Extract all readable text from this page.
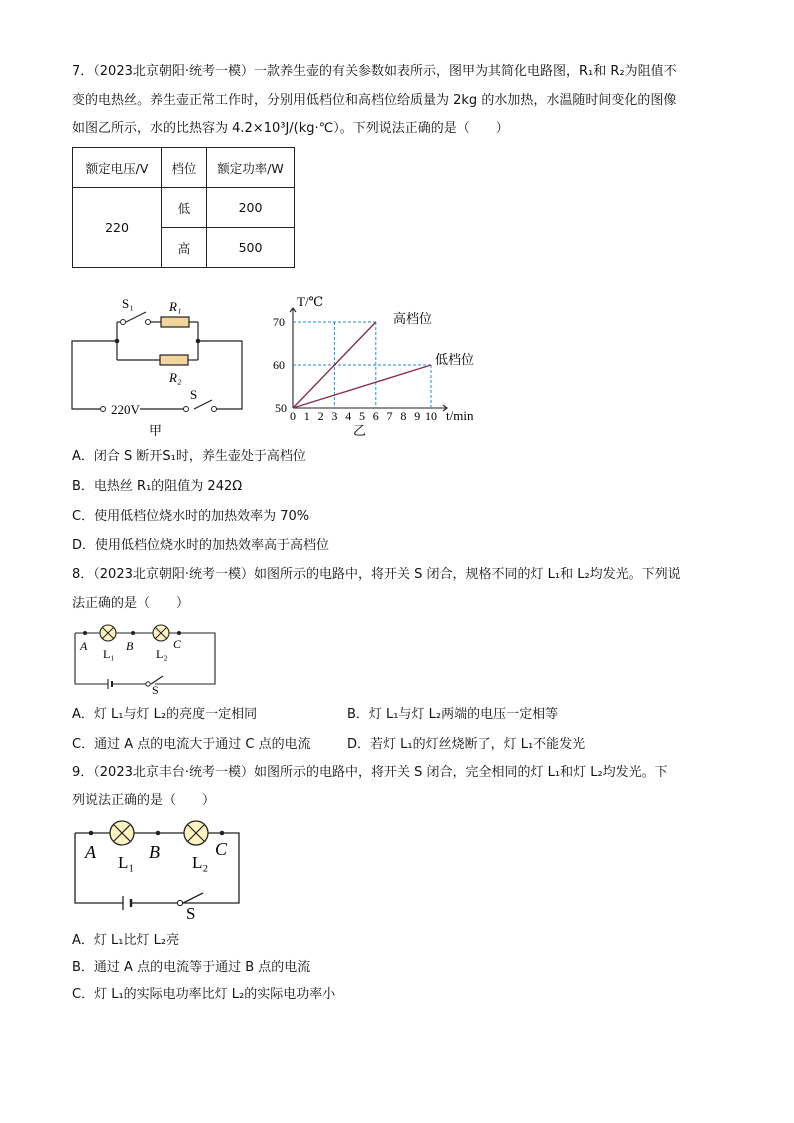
7．（2023北京朝阳·统考一模）一款养生壶的有关参数如表所示，图甲为其简化电路图，R₁和 R₂为阻值不
变的电热丝。养生壶正常工作时，分别用低档位和高档位给质量为 2kg 的水加热，水温随时间变化的图像
如图乙所示，水的比热容为 4.2×10³J/(kg·℃）。下列说法正确的是（　　）
额定电压/V	档位	额定功率/W
220	低	200
	高	500
S₁	R₁
R₂
S
220V
甲
0 1 2 3 4 5 6 7 8 9 10
50
60
70
T/℃
t/min
高档位
低档位
乙
A．闭合 S 断开S₁时，养生壶处于高档位
B．电热丝 R₁的阻值为 242Ω
C．使用低档位烧水时的加热效率为 70%
D．使用低档位烧水时的加热效率高于高档位
8．（2023北京朝阳·统考一模）如图所示的电路中，将开关 S 闭合，规格不同的灯 L₁和 L₂均发光。下列说
法正确的是（　　）
A	B	C
L₁	L₂
S
A．灯 L₁与灯 L₂的亮度一定相同	B．灯 L₁与灯 L₂两端的电压一定相等
C．通过 A 点的电流大于通过 C 点的电流	D．若灯 L₁的灯丝烧断了，灯 L₁不能发光
9．（2023北京丰台·统考一模）如图所示的电路中，将开关 S 闭合，完全相同的灯 L₁和灯 L₂均发光。下
列说法正确的是（　　）
A	B	C
L₁	L₂
S
A．灯 L₁比灯 L₂亮
B．通过 A 点的电流等于通过 B 点的电流
C．灯 L₁的实际电功率比灯 L₂的实际电功率小
